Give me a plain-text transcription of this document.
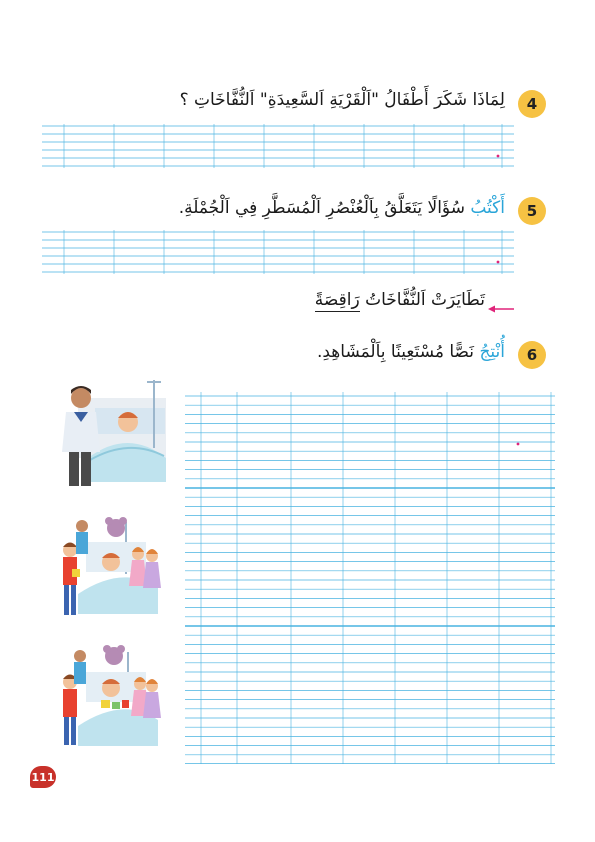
4
لِمَاذَا شَكَرَ أَطْفَالُ "اَلْقَرْيَةِ اَلسَّعِيدَةِ" اَلنُّفَّاخَاتِ ؟
5
أَكْتُبُ سُؤَالًا يَتَعَلَّقُ بِاَلْعُنْصُرِ اَلْمُسَطَّرِ فِي اَلْجُمْلَةِ.
تَطَايَرَتْ اَلنُّفَّاخَاتُ رَاقِصَةً
6
أُنْتِجُ نَصًّا مُسْتَعِينًا بِاَلْمَشَاهِدِ.
111
